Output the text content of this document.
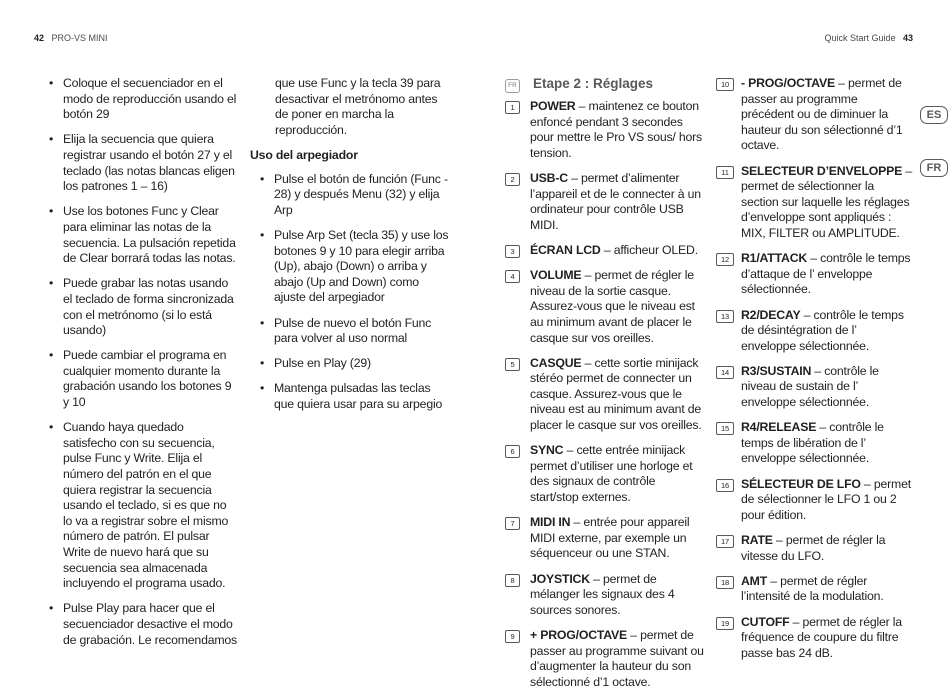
42 PRO-VS MINI	Quick Start Guide 43
• Coloque el secuenciador en el modo de reproducción usando el botón 29
• Elija la secuencia que quiera registrar usando el botón 27 y el teclado (las notas blancas eligen los patrones 1 – 16)
• Use los botones Func y Clear para eliminar las notas de la secuencia. La pulsación repetida de Clear borrará todas las notas.
• Puede grabar las notas usando el teclado de forma sincronizada con el metrónomo (si lo está usando)
• Puede cambiar el programa en cualquier momento durante la grabación usando los botones 9 y 10
• Cuando haya quedado satisfecho con su secuencia, pulse Func y Write. Elija el número del patrón en el que quiera registrar la secuencia usando el teclado, si es que no lo va a registrar sobre el mismo número de patrón. El pulsar Write de nuevo hará que su secuencia sea almacenada incluyendo el programa usado.
• Pulse Play para hacer que el secuenciador desactive el modo de grabación. Le recomendamos
que use Func y la tecla 39 para desactivar el metrónomo antes de poner en marcha la reproducción.
Uso del arpegiador
• Pulse el botón de función (Func - 28) y después Menu (32) y elija Arp
• Pulse Arp Set (tecla 35) y use los botones 9 y 10 para elegir arriba (Up), abajo (Down) o arriba y abajo (Up and Down) como ajuste del arpegiador
• Pulse de nuevo el botón Func para volver al uso normal
• Pulse en Play (29)
• Mantenga pulsadas las teclas que quiera usar para su arpegio
FR Etape 2 : Réglages
1	POWER – maintenez ce bouton enfoncé pendant 3 secondes pour mettre le Pro VS sous/ hors tension.
2	USB-C – permet d’alimenter l’appareil et de le connecter à un ordinateur pour contrôle USB MIDI.
3	ÉCRAN LCD – afficheur OLED.
4	VOLUME – permet de régler le niveau de la sortie casque. Assurez-vous que le niveau est au minimum avant de placer le casque sur vos oreilles.
5	CASQUE – cette sortie minijack stéréo permet de connecter un casque. Assurez-vous que le niveau est au minimum avant de placer le casque sur vos oreilles.
6	SYNC – cette entrée minijack permet d’utiliser une horloge et des signaux de contrôle start/stop externes.
7	MIDI IN – entrée pour appareil MIDI externe, par exemple un séquenceur ou une STAN.
8	JOYSTICK – permet de mélanger les signaux des 4 sources sonores.
9	+ PROG/OCTAVE – permet de passer au programme suivant ou d’augmenter la hauteur du son sélectionné d’1 octave.
10 - PROG/OCTAVE – permet de passer au programme précédent ou de diminuer la hauteur du son sélectionné d’1 octave.
11	SELECTEUR D’ENVELOPPE – permet de sélectionner la section sur laquelle les réglages d’enveloppe sont appliqués : MIX, FILTER ou AMPLITUDE.
12 R1/ATTACK – contrôle le temps d’attaque de l’ enveloppe sélectionnée.
13 R2/DECAY – contrôle le temps de désintégration de l’ enveloppe sélectionnée.
14 R3/SUSTAIN – contrôle le niveau de sustain de l’ enveloppe sélectionnée.
15 R4/RELEASE – contrôle le temps de libération de l’ enveloppe sélectionnée.
16 SÉLECTEUR DE LFO – permet de sélectionner le LFO 1 ou 2 pour édition.
17 RATE – permet de régler la vitesse du LFO.
18 AMT – permet de régler l’intensité de la modulation.
19 CUTOFF – permet de régler la fréquence de coupure du filtre passe bas 24 dB.
ES
FR
